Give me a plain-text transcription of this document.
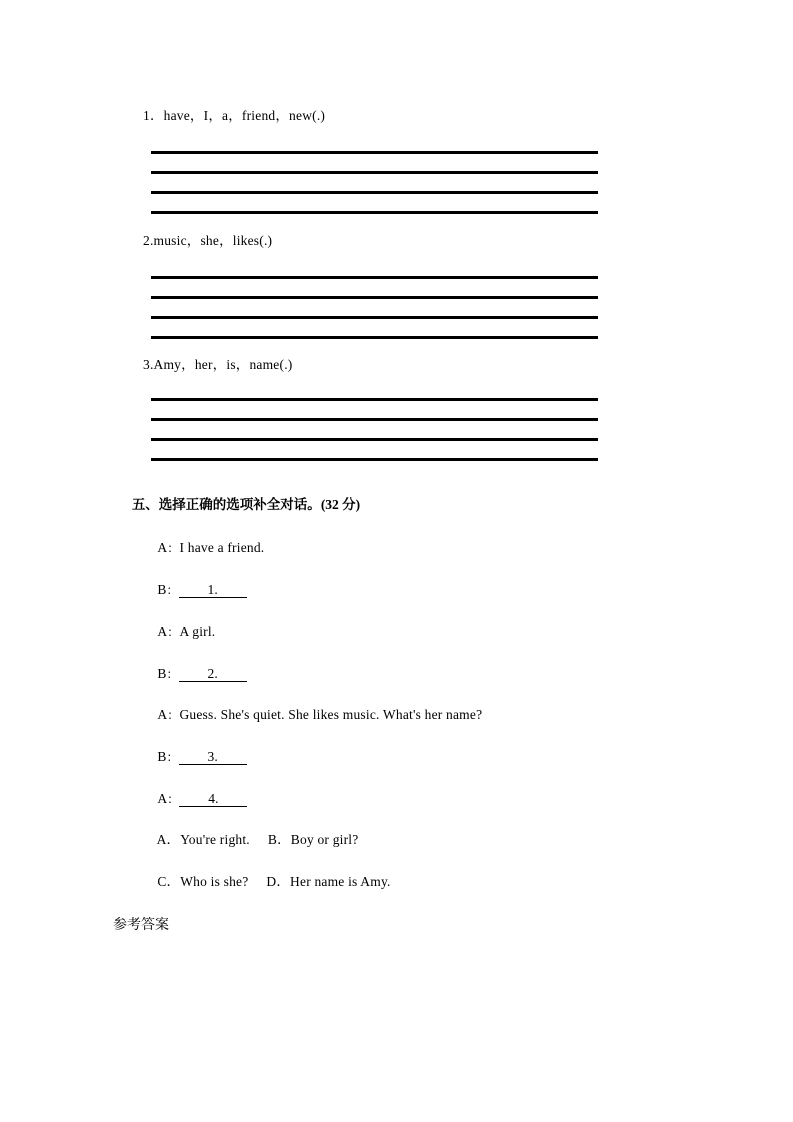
1．have，I，a，friend，new(.)
2.music，she，likes(.)
3.Amy，her，is，name(.)

五、选择正确的选项补全对话。(32 分)

A：I have a friend.

B： 1.

A：A girl.

B： 2.

A：Guess. She's quiet. She likes music. What's her name?

B： 3.

A： 4.

A．You're right. B．Boy or girl?

C．Who is she? D．Her name is Amy.

参考答案
